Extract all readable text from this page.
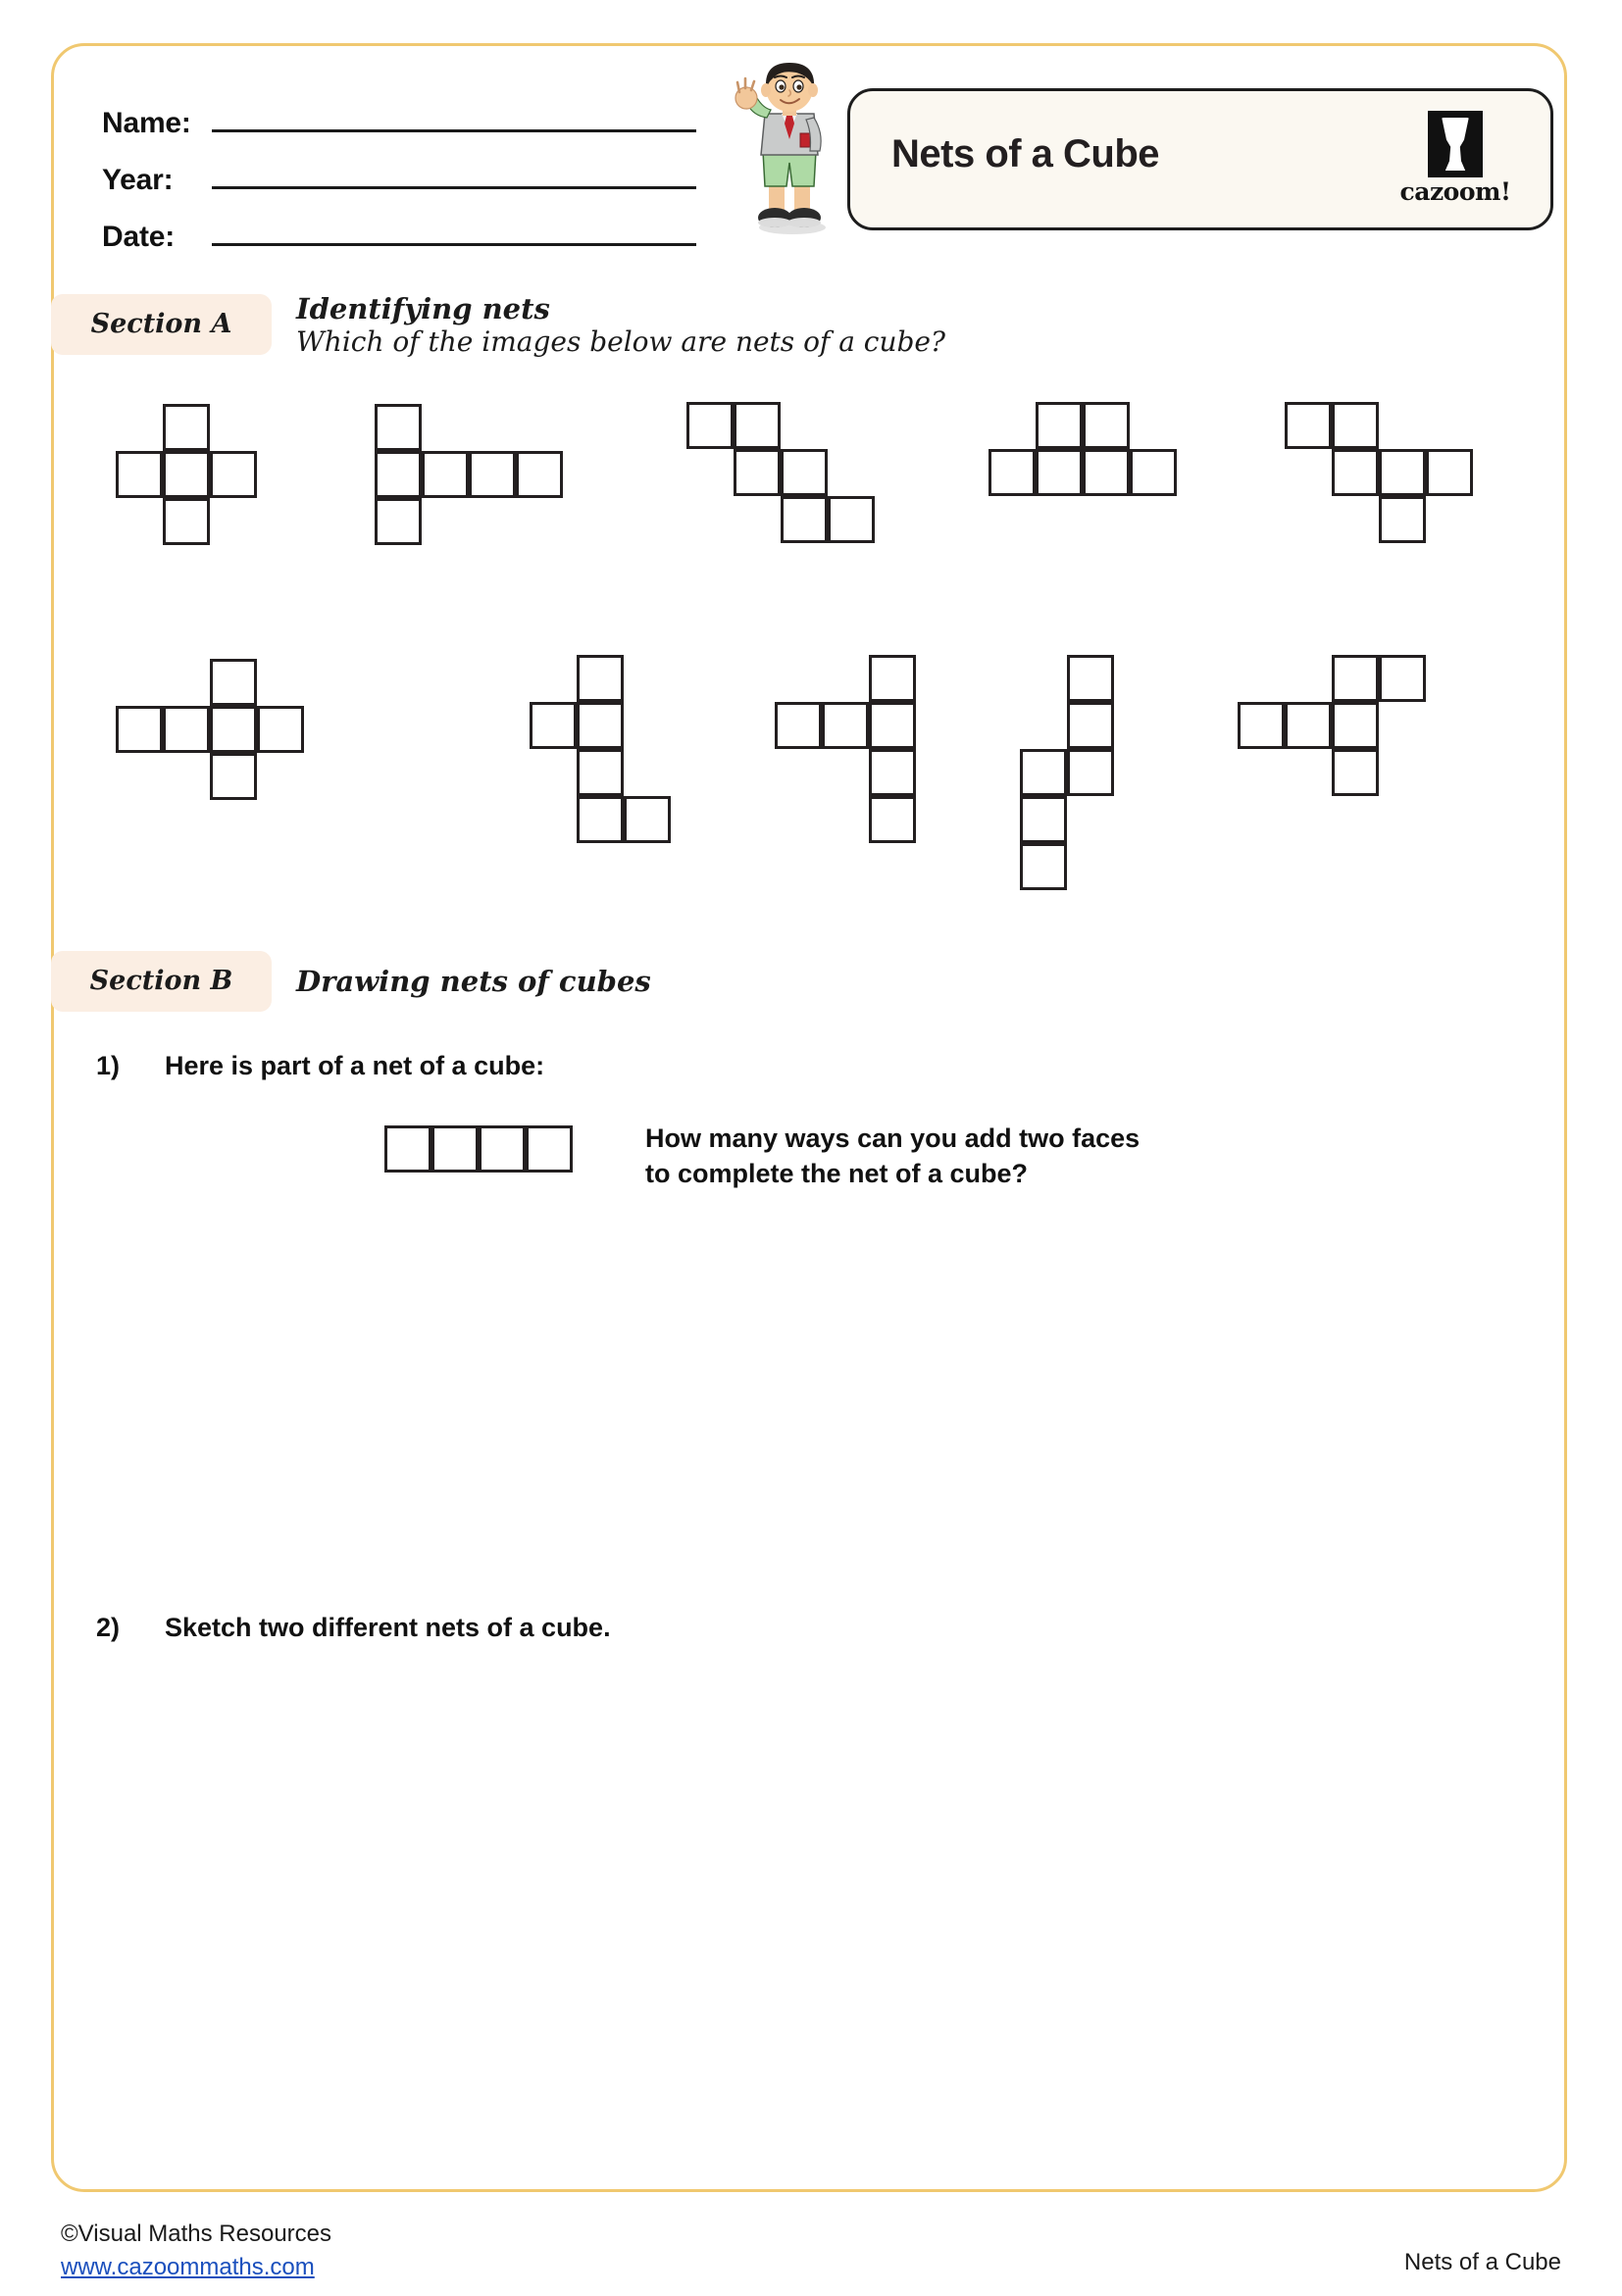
Name:
Year:
Date:
Nets of a Cube
cazoom!
Section A	Identifying nets
Which of the images below are nets of a cube?
Section B	Drawing nets of cubes
1) Here is part of a net of a cube:
How many ways can you add two faces
to complete the net of a cube?
2) Sketch two different nets of a cube.
©Visual Maths Resources
www.cazoommaths.com	Nets of a Cube
